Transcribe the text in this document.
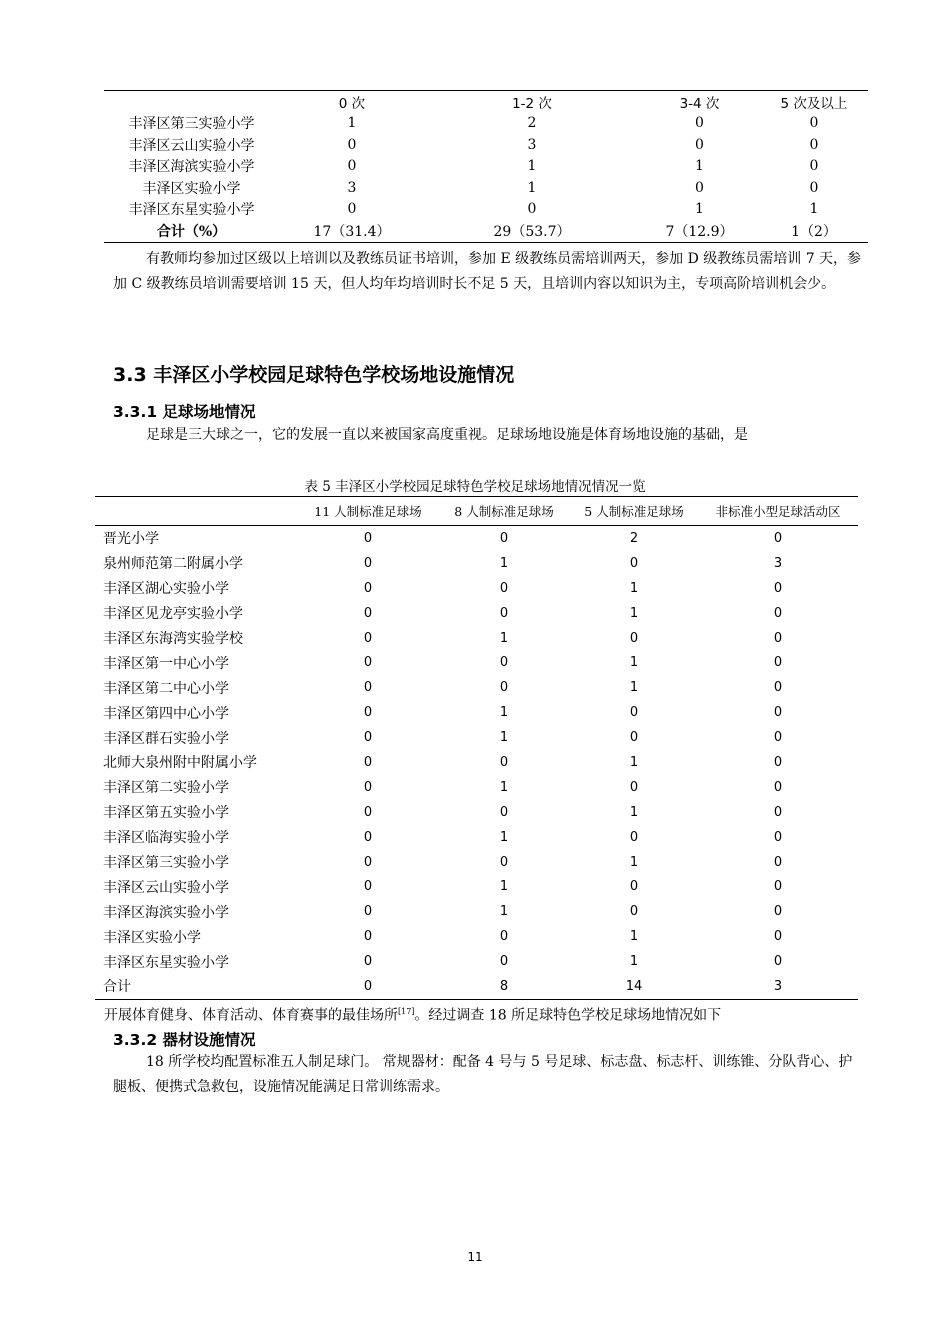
	0 次	1-2 次	3-4 次	5 次及以上
丰泽区第三实验小学	1	2	0	0
丰泽区云山实验小学	0	3	0	0
丰泽区海滨实验小学	0	1	1	0
丰泽区实验小学	3	1	0	0
丰泽区东星实验小学	0	0	1	1
合计（%）	17（31.4）	29（53.7）	7（12.9）	1（2）
有教师均参加过区级以上培训以及教练员证书培训，参加 E 级教练员需培训两天，参加 D 级教练员需培训 7 天，参加 C 级教练员培训需要培训 15 天，但人均年均培训时长不足 5 天，且培训内容以知识为主，专项高阶培训机会少。
3.3 丰泽区小学校园足球特色学校场地设施情况
3.3.1 足球场地情况
足球是三大球之一，它的发展一直以来被国家高度重视。足球场地设施是体育场地设施的基础，是
表 5 丰泽区小学校园足球特色学校足球场地情况情况一览
	11 人制标准足球场	8 人制标准足球场	5 人制标准足球场	非标准小型足球活动区
晋光小学	0	0	2	0
泉州师范第二附属小学	0	1	0	3
丰泽区湖心实验小学	0	0	1	0
丰泽区见龙亭实验小学	0	0	1	0
丰泽区东海湾实验学校	0	1	0	0
丰泽区第一中心小学	0	0	1	0
丰泽区第二中心小学	0	0	1	0
丰泽区第四中心小学	0	1	0	0
丰泽区群石实验小学	0	1	0	0
北师大泉州附中附属小学	0	0	1	0
丰泽区第二实验小学	0	1	0	0
丰泽区第五实验小学	0	0	1	0
丰泽区临海实验小学	0	1	0	0
丰泽区第三实验小学	0	0	1	0
丰泽区云山实验小学	0	1	0	0
丰泽区海滨实验小学	0	1	0	0
丰泽区实验小学	0	0	1	0
丰泽区东星实验小学	0	0	1	0
合计	0	8	14	3
开展体育健身、体育活动、体育赛事的最佳场所[17]。经过调查 18 所足球特色学校足球场地情况如下
3.3.2 器材设施情况
18 所学校均配置标准五人制足球门。 常规器材：配备 4 号与 5 号足球、标志盘、标志杆、训练锥、分队背心、护腿板、便携式急救包，设施情况能满足日常训练需求。
11
